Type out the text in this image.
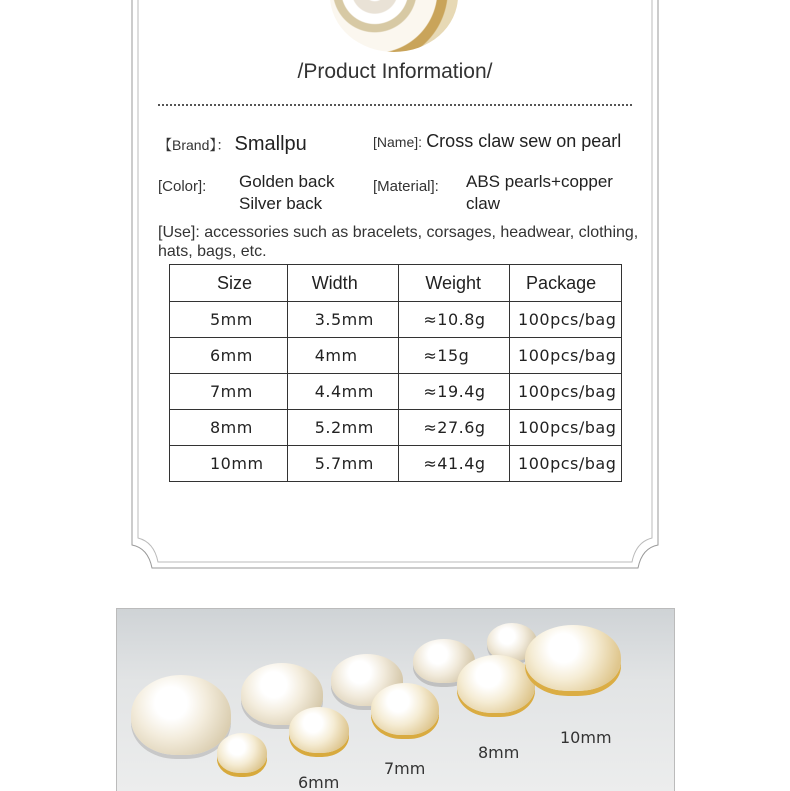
/Product Information/
【Brand】： Smallpu	[Name]: Cross claw sew on pearl
[Color]: Golden back
Silver back
[Material]: ABS pearls+copper
claw
[Use]: accessories such as bracelets, corsages, headwear, clothing,
hats, bags, etc.
Size	Width	Weight	Package
5mm	3.5mm	≈10.8g	100pcs/bag
6mm	4mm	≈15g	100pcs/bag
7mm	4.4mm	≈19.4g	100pcs/bag
8mm	5.2mm	≈27.6g	100pcs/bag
10mm	5.7mm	≈41.4g	100pcs/bag
6mm
7mm
8mm
10mm
